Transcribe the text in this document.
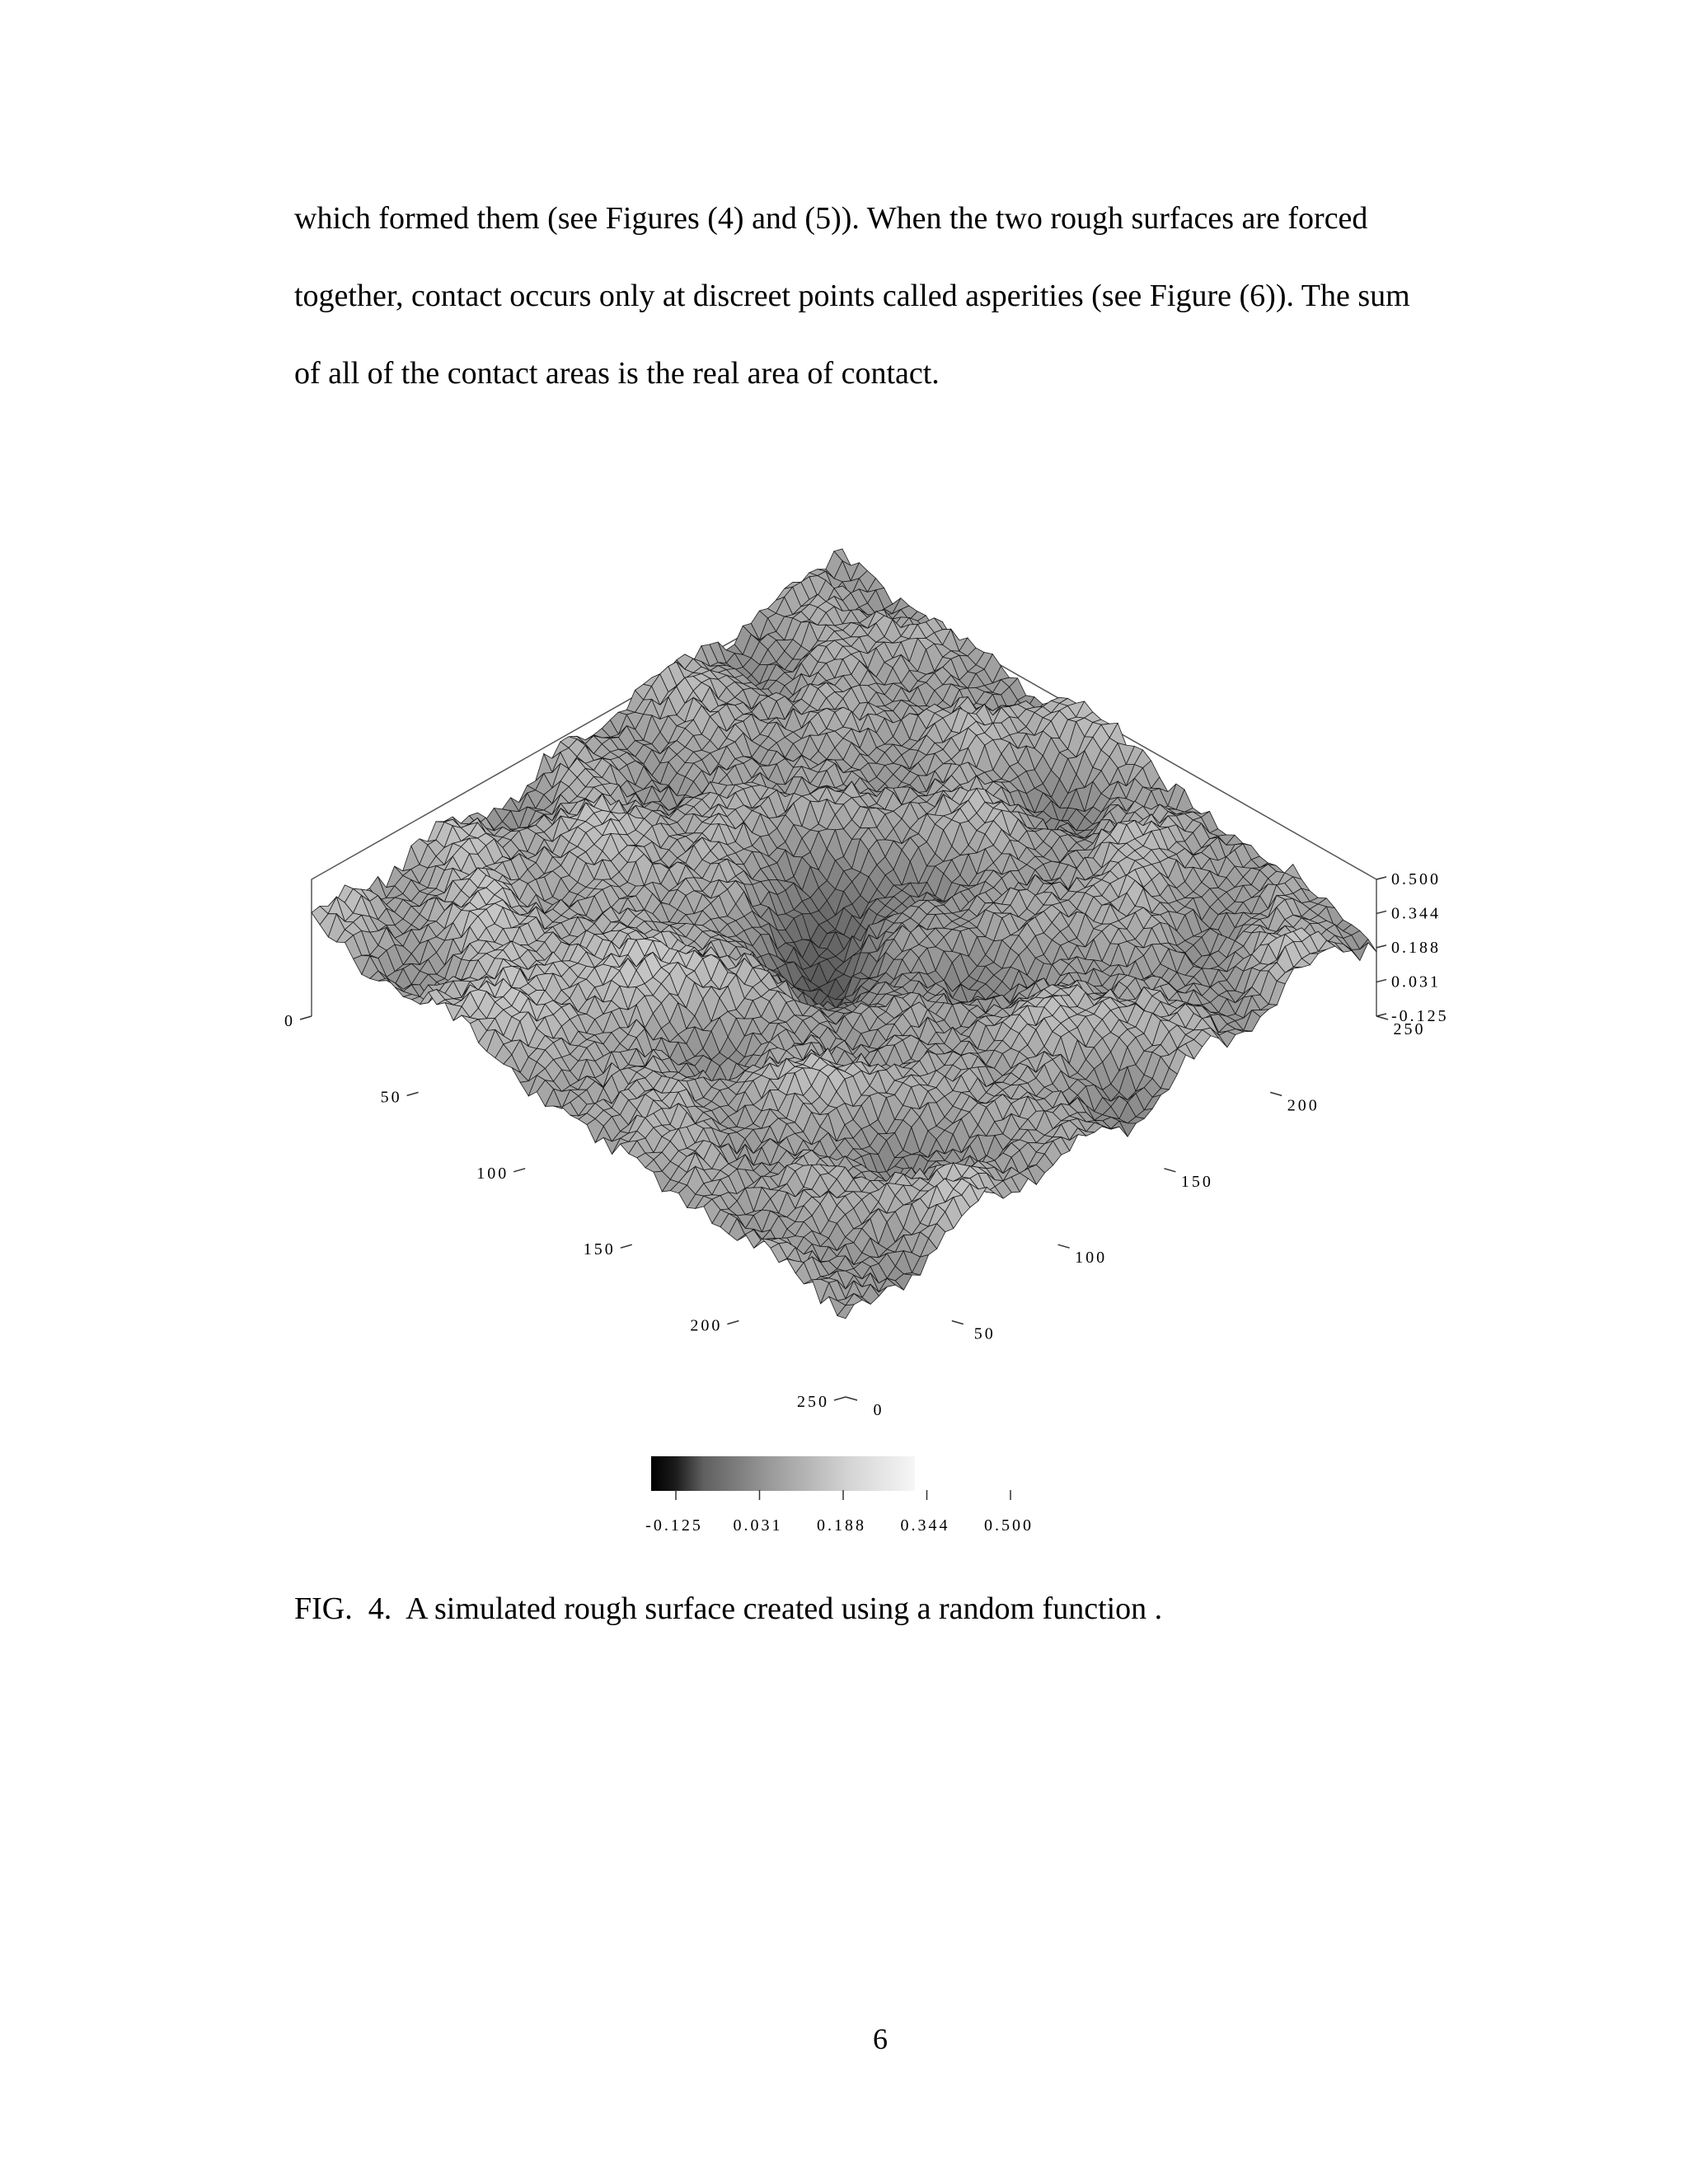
which formed them (see Figures (4) and (5)). When the two rough surfaces are forced
together, contact occurs only at discreet points called asperities (see Figure (6)). The sum
of all of the contact areas is the real area of contact.
0
50
100
150
200
250	0
50
100
150
200
250
-0.125
0.031
0.188
0.344
0.500
-0.125 0.031 0.188 0.344 0.500
FIG.  4.  A simulated rough surface created using a random function .
6
